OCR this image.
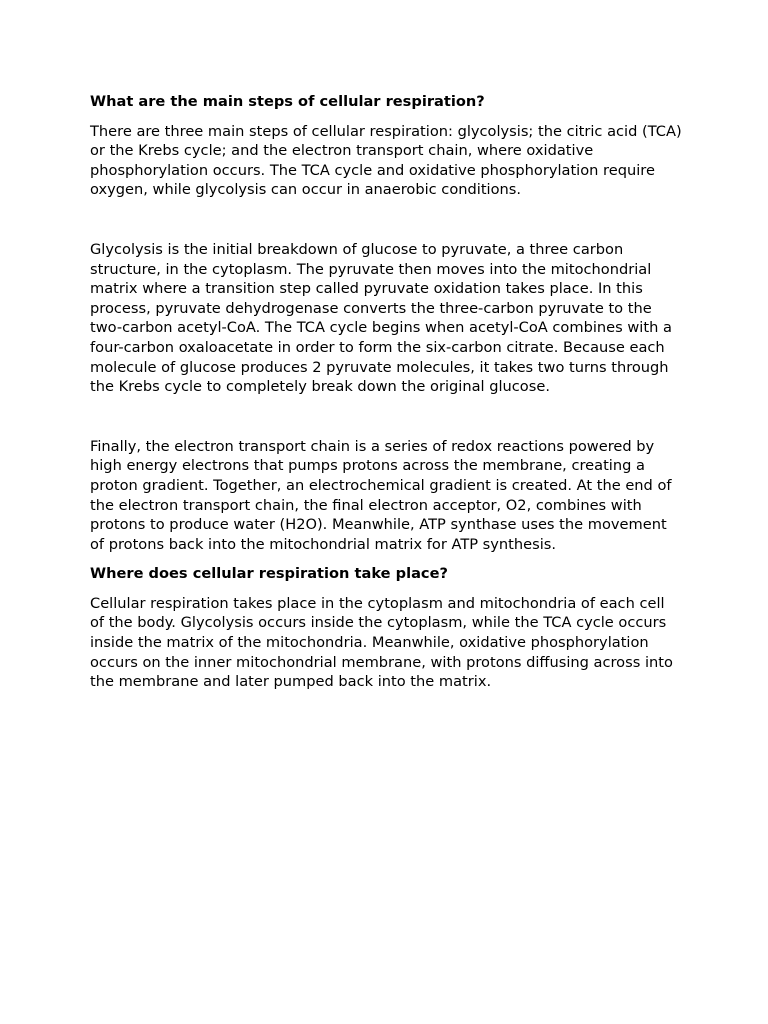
What are the main steps of cellular respiration?

There are three main steps of cellular respiration: glycolysis; the citric acid (TCA) or the Krebs cycle; and the electron transport chain, where oxidative phosphorylation occurs. The TCA cycle and oxidative phosphorylation require oxygen, while glycolysis can occur in anaerobic conditions.

Glycolysis is the initial breakdown of glucose to pyruvate, a three carbon structure, in the cytoplasm. The pyruvate then moves into the mitochondrial matrix where a transition step called pyruvate oxidation takes place. In this process, pyruvate dehydrogenase converts the three-carbon pyruvate to the two-carbon acetyl-CoA. The TCA cycle begins when acetyl-CoA combines with a four-carbon oxaloacetate in order to form the six-carbon citrate. Because each molecule of glucose produces 2 pyruvate molecules, it takes two turns through the Krebs cycle to completely break down the original glucose.

Finally, the electron transport chain is a series of redox reactions powered by high energy electrons that pumps protons across the membrane, creating a proton gradient. Together, an electrochemical gradient is created. At the end of the electron transport chain, the final electron acceptor, O2, combines with protons to produce water (H2O). Meanwhile, ATP synthase uses the movement of protons back into the mitochondrial matrix for ATP synthesis.

Where does cellular respiration take place?

Cellular respiration takes place in the cytoplasm and mitochondria of each cell of the body. Glycolysis occurs inside the cytoplasm, while the TCA cycle occurs inside the matrix of the mitochondria. Meanwhile, oxidative phosphorylation occurs on the inner mitochondrial membrane, with protons diffusing across into the membrane and later pumped back into the matrix.
